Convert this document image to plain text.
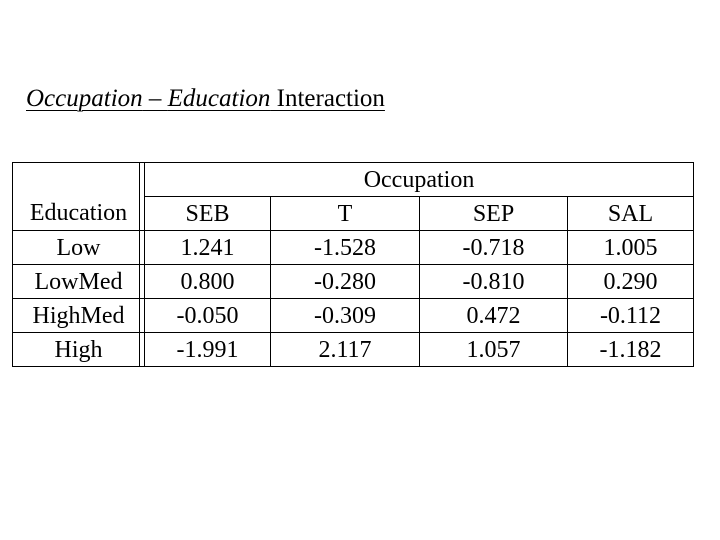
Occupation – Education Interaction
	Occupation			
Education	SEB	T	SEP	SAL
Low	1.241	-1.528	-0.718	1.005
LowMed	0.800	-0.280	-0.810	0.290
HighMed	-0.050	-0.309	0.472	-0.112
High	-1.991	2.117	1.057	-1.182
